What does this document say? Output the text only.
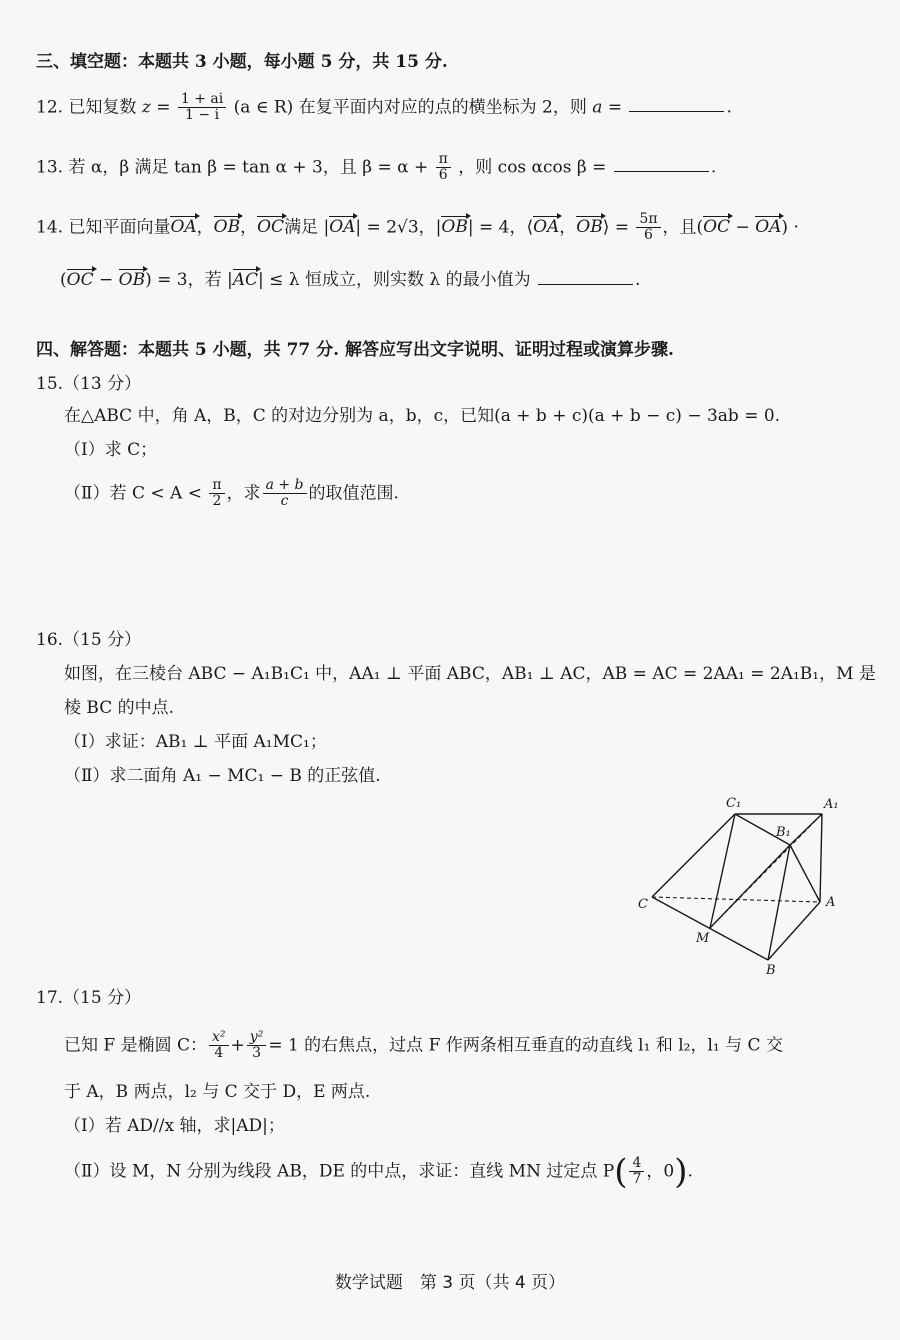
三、填空题：本题共 3 小题，每小题 5 分，共 15 分.
12. 已知复数 $z = \frac{1 + ai}{1 - i} (a$ ∈ R) 在复平面内对应的点的横坐标为 2，则 a =	.
13. 若 α，β 满足 tan β = tan α + 3，且 $\beta = \alpha + \frac{\pi}{6}$ ，则 cos αcos β =	.
14. 已知平面向量OA，OB，OC满足 |OA| = 2√3，|OB| = 4，⟨OA，OB⟩ = $\frac{5\pi}{6}$ ，且(OC − OA) ·
(OC − OB) = 3，若 |AC| ≤ λ 恒成立，则实数 λ 的最小值为	.
四、解答题：本题共 5 小题，共 77 分. 解答应写出文字说明、证明过程或演算步骤.
15.（13 分）
在△ABC 中，角 A，B，C 的对边分别为 a，b，c，已知(a + b + c)(a + b − c) − 3ab = 0.
（Ⅰ）求 C；
（Ⅱ）若 $C < A < \frac{\pi}{2}$ ，求 $\frac{a + b}{c}$ 的取值范围.
16.（15 分）
如图，在三棱台 ABC − A₁B₁C₁ 中，AA₁ ⊥ 平面 ABC，AB₁ ⊥ AC，AB = AC = 2AA₁ = 2A₁B₁，M 是
棱 BC 的中点.
（Ⅰ）求证：AB₁ ⊥ 平面 A₁MC₁；
（Ⅱ）求二面角 A₁ − MC₁ − B 的正弦值.
C₁	A₁
B₁
C	A
M
B
17.（15 分）
已知 F 是椭圆 C： $\frac{\text{x²}}{4} + \frac{\text{y²}}{3} = 1$ 的右焦点，过点 F 作两条相互垂直的动直线 l₁ 和 l₂，l₁ 与 C 交
于 A，B 两点，l₂ 与 C 交于 D，E 两点.
（Ⅰ）若 AD//x 轴，求|AD|；
（Ⅱ）设 M，N 分别为线段 AB，DE 的中点，求证：直线 MN 过定点 $P( \frac{4}{7}$ ，0).
数学试题　第 3 页（共 4 页）
